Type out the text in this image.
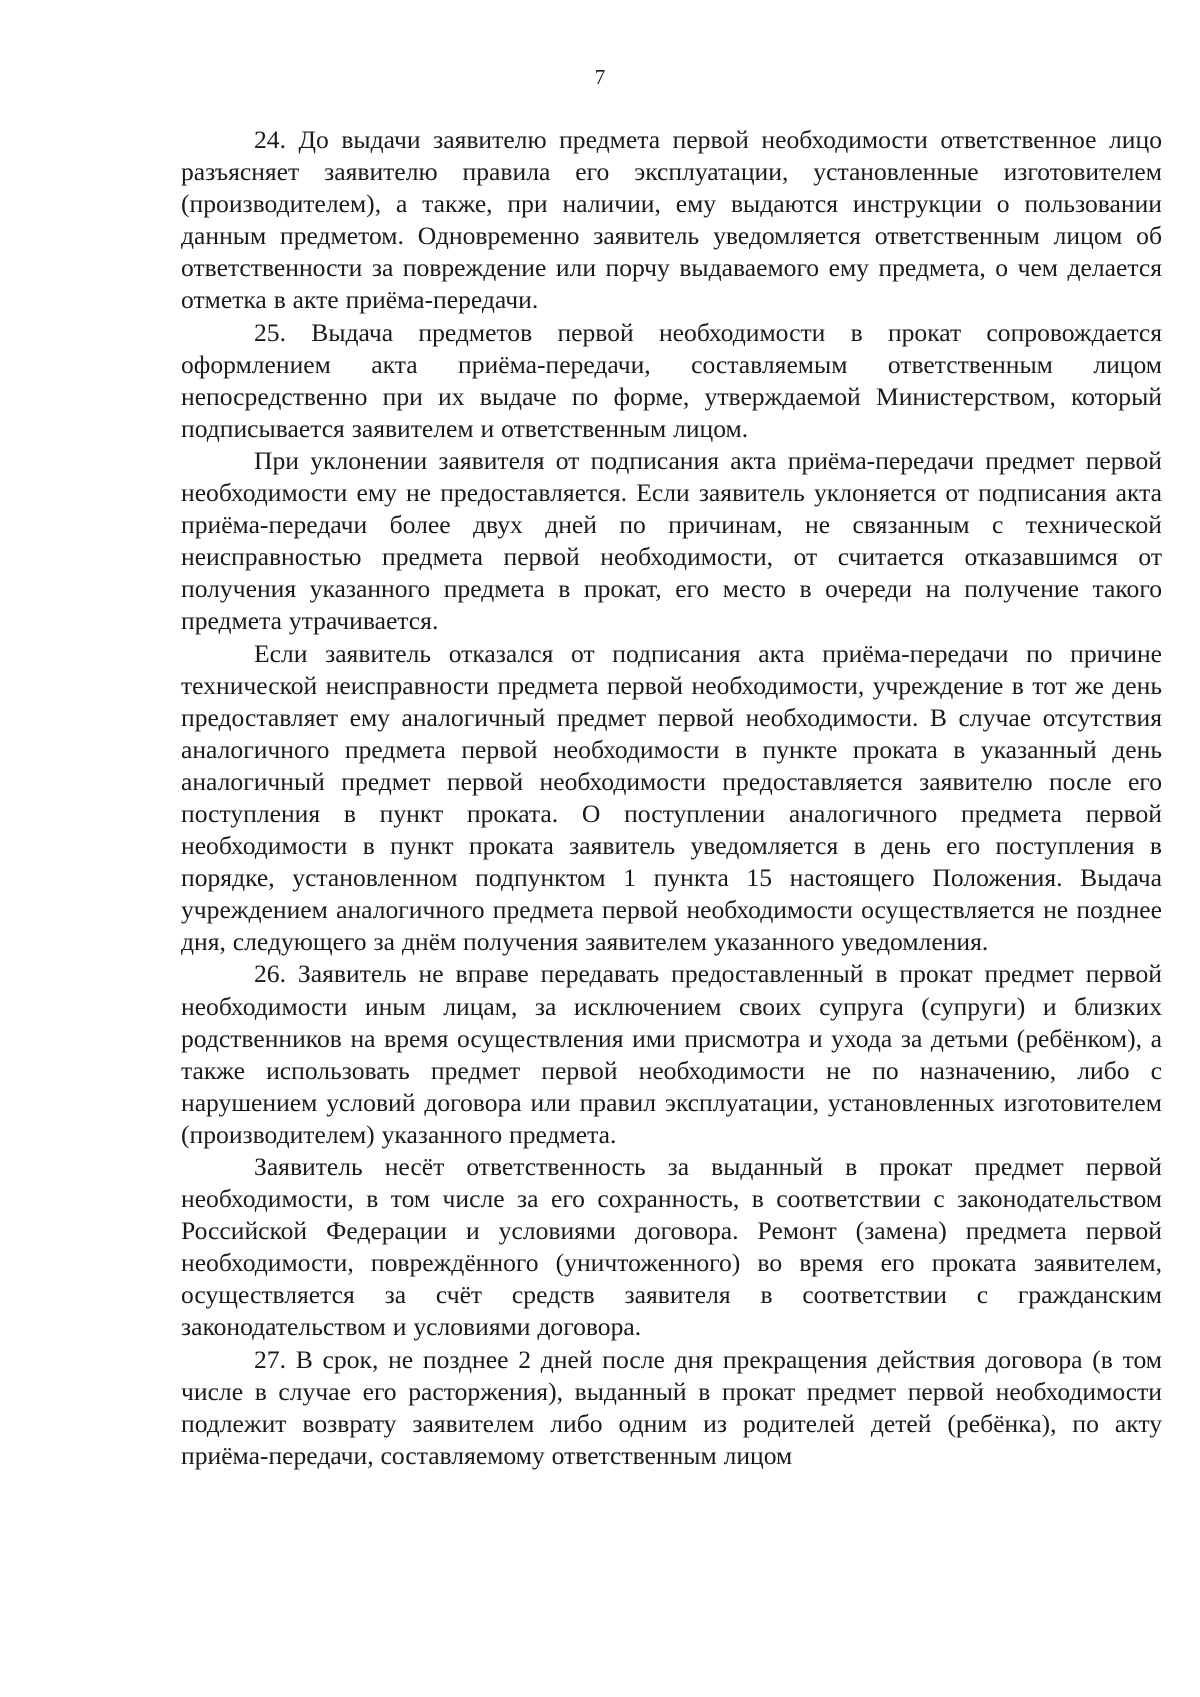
7

24. До выдачи заявителю предмета первой необходимости ответственное лицо разъясняет заявителю правила его эксплуатации, установленные изготовителем (производителем), а также, при наличии, ему выдаются инструкции о пользовании данным предметом. Одновременно заявитель уведомляется ответственным лицом об ответственности за повреждение или порчу выдаваемого ему предмета, о чем делается отметка в акте приёма-передачи.

25. Выдача предметов первой необходимости в прокат сопровождается оформлением акта приёма-передачи, составляемым ответственным лицом непосредственно при их выдаче по форме, утверждаемой Министерством, который подписывается заявителем и ответственным лицом.

При уклонении заявителя от подписания акта приёма-передачи предмет первой необходимости ему не предоставляется. Если заявитель уклоняется от подписания акта приёма-передачи более двух дней по причинам, не связанным с технической неисправностью предмета первой необходимости, от считается отказавшимся от получения указанного предмета в прокат, его место в очереди на получение такого предмета утрачивается.

Если заявитель отказался от подписания акта приёма-передачи по причине технической неисправности предмета первой необходимости, учреждение в тот же день предоставляет ему аналогичный предмет первой необходимости. В случае отсутствия аналогичного предмета первой необходимости в пункте проката в указанный день аналогичный предмет первой необходимости предоставляется заявителю после его поступления в пункт проката. О поступлении аналогичного предмета первой необходимости в пункт проката заявитель уведомляется в день его поступления в порядке, установленном подпунктом 1 пункта 15 настоящего Положения. Выдача учреждением аналогичного предмета первой необходимости осуществляется не позднее дня, следующего за днём получения заявителем указанного уведомления.

26. Заявитель не вправе передавать предоставленный в прокат предмет первой необходимости иным лицам, за исключением своих супруга (супруги) и близких родственников на время осуществления ими присмотра и ухода за детьми (ребёнком), а также использовать предмет первой необходимости не по назначению, либо с нарушением условий договора или правил эксплуатации, установленных изготовителем (производителем) указанного предмета.

Заявитель несёт ответственность за выданный в прокат предмет первой необходимости, в том числе за его сохранность, в соответствии с законодательством Российской Федерации и условиями договора. Ремонт (замена) предмета первой необходимости, повреждённого (уничтоженного) во время его проката заявителем, осуществляется за счёт средств заявителя в соответствии с гражданским законодательством и условиями договора.

27. В срок, не позднее 2 дней после дня прекращения действия договора (в том числе в случае его расторжения), выданный в прокат предмет первой необходимости подлежит возврату заявителем либо одним из родителей детей (ребёнка), по акту приёма-передачи, составляемому ответственным лицом
